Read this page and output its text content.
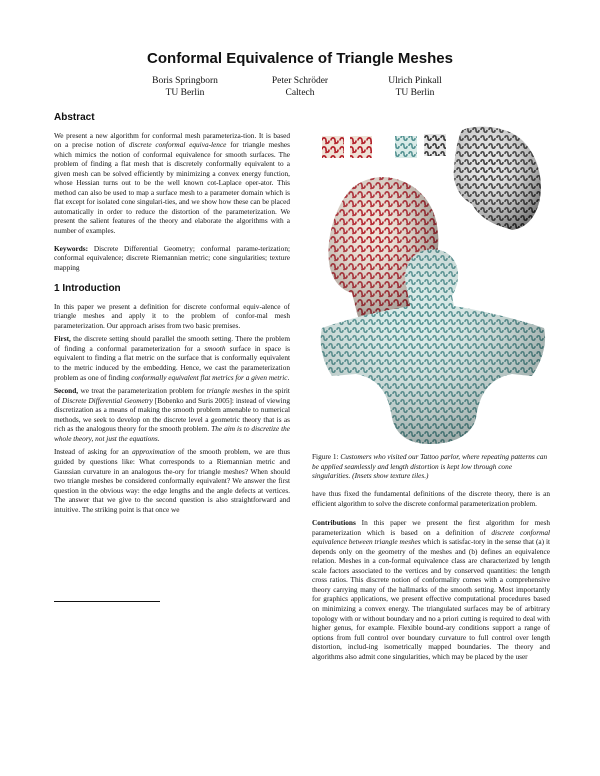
Conformal Equivalence of Triangle Meshes
Boris Springborn
TU Berlin
Peter Schröder
Caltech
Ulrich Pinkall
TU Berlin
Abstract

We present a new algorithm for conformal mesh parameteriza-tion. It is based on a precise notion of discrete conformal equiva-lence for triangle meshes which mimics the notion of conformal equivalence for smooth surfaces. The problem of finding a flat mesh that is discretely conformally equivalent to a given mesh can be solved efficiently by minimizing a convex energy function, whose Hessian turns out to be the well known cot-Laplace oper-ator. This method can also be used to map a surface mesh to a parameter domain which is flat except for isolated cone singulari-ties, and we show how these can be placed automatically in order to reduce the distortion of the parameterization. We present the salient features of the theory and elaborate the algorithms with a number of examples.

Keywords: Discrete Differential Geometry; conformal parame-terization; conformal equivalence; discrete Riemannian metric; cone singularities; texture mapping

1 Introduction

In this paper we present a definition for discrete conformal equiv-alence of triangle meshes and apply it to the problem of confor-mal mesh parameterization. Our approach arises from two basic premises.

First, the discrete setting should parallel the smooth setting. There the problem of finding a conformal parameterization for a smooth surface in space is equivalent to finding a flat metric on the surface that is conformally equivalent to the metric induced by the embedding. Hence, we cast the parameterization problem as one of finding conformally equivalent flat metrics for a given metric.

Second, we treat the parameterization problem for triangle meshes in the spirit of Discrete Differential Geometry [Bobenko and Suris 2005]: instead of viewing discretization as a means of making the smooth problem amenable to numerical methods, we seek to develop on the discrete level a geometric theory that is as rich as the analogous theory for the smooth problem. The aim is to discretize the whole theory, not just the equations.

Instead of asking for an approximation of the smooth problem, we are thus guided by questions like: What corresponds to a Riemannian metric and Gaussian curvature in an analogous the-ory for triangle meshes? When should two triangle meshes be considered conformally equivalent? We answer the first question in the obvious way: the edge lengths and the angle defects at vertices. The answer that we give to the second question is also straightforward and intuitive. The striking point is that once we

Figure 1: Customers who visited our Tattoo parlor, where repeating patterns can be applied seamlessly and length distortion is kept low through cone singularities. (Insets show texture tiles.)

have thus fixed the fundamental definitions of the discrete theory, there is an efficient algorithm to solve the discrete conformal parameterization problem.

Contributions In this paper we present the first algorithm for mesh parameterization which is based on a definition of discrete conformal equivalence between triangle meshes which is satisfac-tory in the sense that (a) it depends only on the geometry of the meshes and (b) defines an equivalence relation. Meshes in a con-formal equivalence class are characterized by length scale factors associated to the vertices and by conserved quantities: the length cross ratios. This discrete notion of conformality comes with a comprehensive theory carrying many of the hallmarks of the smooth setting. Most importantly for graphics applications, we present effective computational procedures based on minimizing a convex energy. The triangulated surfaces may be of arbitrary topology with or without boundary and no a priori cutting is required to deal with higher genus, for example. Flexible bound-ary conditions support a range of options from full control over boundary curvature to full control over length distortion, includ-ing isometrically mapped boundaries. The theory and algorithms also admit cone singularities, which may be placed by the user
